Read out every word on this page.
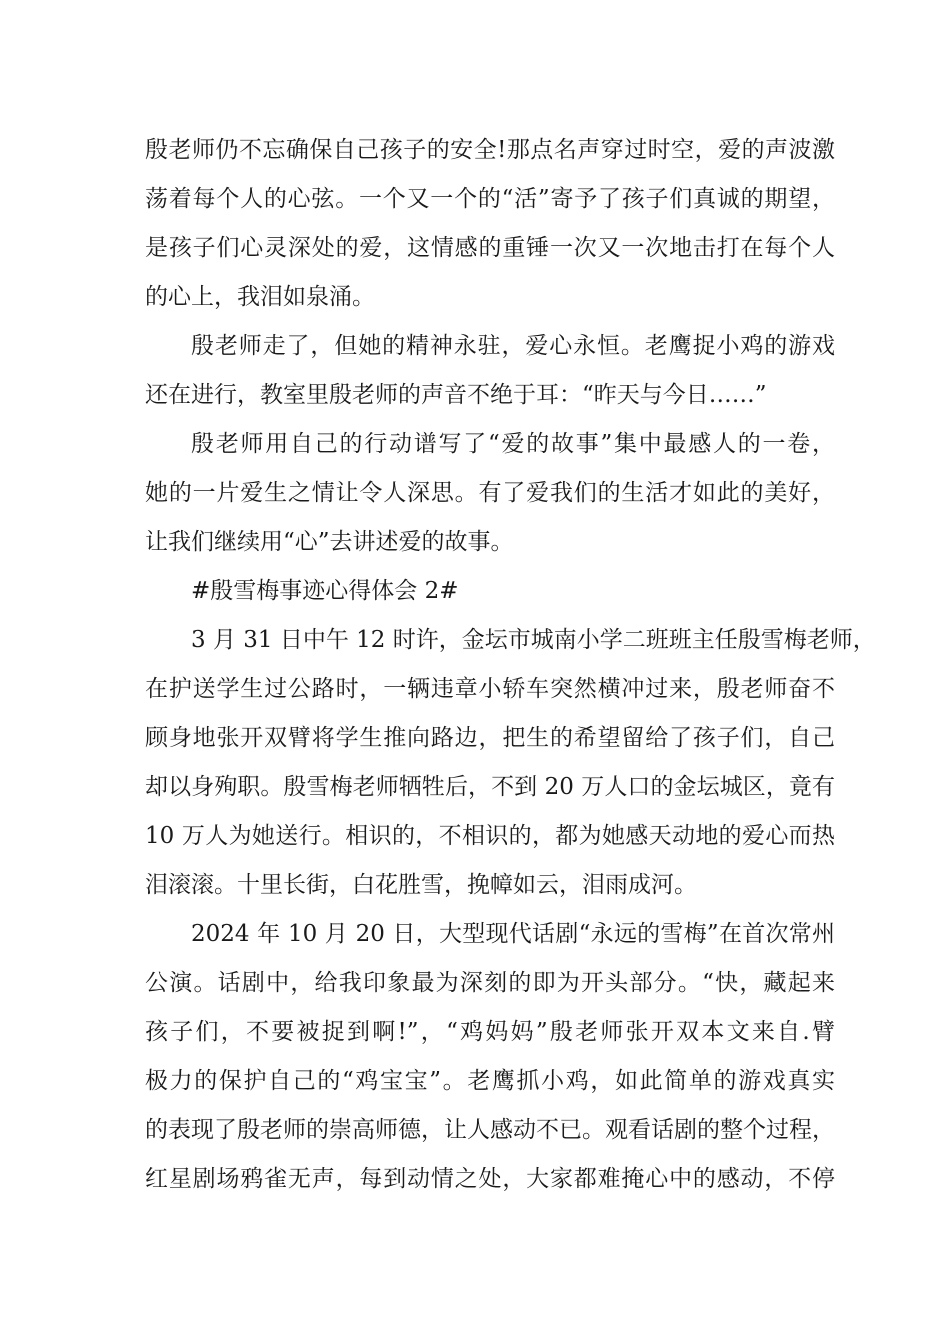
殷老师仍不忘确保自己孩子的安全!那点名声穿过时空，爱的声波激
荡着每个人的心弦。一个又一个的“活”寄予了孩子们真诚的期望，
是孩子们心灵深处的爱，这情感的重锤一次又一次地击打在每个人
的心上，我泪如泉涌。
殷老师走了，但她的精神永驻，爱心永恒。老鹰捉小鸡的游戏
还在进行，教室里殷老师的声音不绝于耳：“昨天与今日……”
殷老师用自己的行动谱写了“爱的故事”集中最感人的一卷，
她的一片爱生之情让令人深思。有了爱我们的生活才如此的美好，
让我们继续用“心”去讲述爱的故事。
#殷雪梅事迹心得体会 2#
3 月 31 日中午 12 时许，金坛市城南小学二班班主任殷雪梅老师，
在护送学生过公路时，一辆违章小轿车突然横冲过来，殷老师奋不
顾身地张开双臂将学生推向路边，把生的希望留给了孩子们，自己
却以身殉职。殷雪梅老师牺牲后，不到 20 万人口的金坛城区，竟有
10 万人为她送行。相识的，不相识的，都为她感天动地的爱心而热
泪滚滚。十里长街，白花胜雪，挽幛如云，泪雨成河。
2024 年 10 月 20 日，大型现代话剧“永远的雪梅”在首次常州
公演。话剧中，给我印象最为深刻的即为开头部分。“快，藏起来
孩子们，不要被捉到啊!”，“鸡妈妈”殷老师张开双本文来自.臂
极力的保护自己的“鸡宝宝”。老鹰抓小鸡，如此简单的游戏真实
的表现了殷老师的崇高师德，让人感动不已。观看话剧的整个过程，
红星剧场鸦雀无声，每到动情之处，大家都难掩心中的感动，不停
